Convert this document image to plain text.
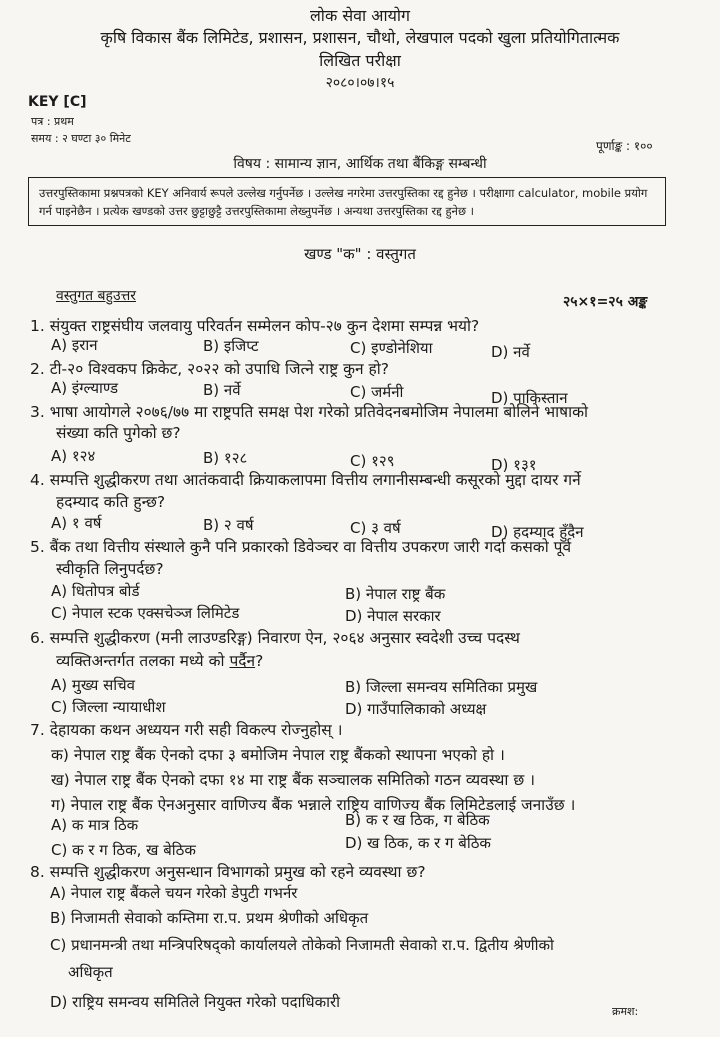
लोक सेवा आयोग
कृषि विकास बैंक लिमिटेड, प्रशासन, प्रशासन, चौथो, लेखपाल पदको खुला प्रतियोगितात्मक
लिखित परीक्षा
२०८०।०७।१५
KEY [C]
पत्र : प्रथम
समय : २ घण्टा ३० मिनेट
पूर्णाङ्क : १००
विषय : सामान्य ज्ञान, आर्थिक तथा बैंकिङ्ग सम्बन्धी
उत्तरपुस्तिकामा प्रश्नपत्रको KEY अनिवार्य रूपले उल्लेख गर्नुपर्नेछ । उल्लेख नगरेमा उत्तरपुस्तिका रद्द हुनेछ । परीक्षागा calculator, mobile प्रयोग गर्न पाइनेछैन । प्रत्येक खण्डको उत्तर छुट्टाछुट्टै उत्तरपुस्तिकामा लेख्नुपर्नेछ । अन्यथा उत्तरपुस्तिका रद्द हुनेछ ।
खण्ड "क" : वस्तुगत
वस्तुगत बहुउत्तर	२५×१=२५ अङ्क
1. संयुक्त राष्ट्रसंघीय जलवायु परिवर्तन सम्मेलन कोप-२७ कुन देशमा सम्पन्न भयो?
A) इरान	B) इजिप्ट	C) इण्डोनेशिया	D) नर्वे
2. टी-२० विश्वकप क्रिकेट, २०२२ को उपाधि जित्ने राष्ट्र कुन हो?
A) इंग्ल्याण्ड	B) नर्वे	C) जर्मनी	D) पाकिस्तान
3. भाषा आयोगले २०७६/७७ मा राष्ट्रपति समक्ष पेश गरेको प्रतिवेदनबमोजिम नेपालमा बोलिने भाषाको
संख्या कति पुगेको छ?
A) १२४	B) १२८	C) १२९	D) १३१
4. सम्पत्ति शुद्धीकरण तथा आतंकवादी क्रियाकलापमा वित्तीय लगानीसम्बन्धी कसूरको मुद्दा दायर गर्ने
हदम्याद कति हुन्छ?
A) १ वर्ष	B) २ वर्ष	C) ३ वर्ष	D) हदम्याद हुँदैन
5. बैंक तथा वित्तीय संस्थाले कुनै पनि प्रकारको डिवेञ्चर वा वित्तीय उपकरण जारी गर्दा कसको पूर्व
स्वीकृति लिनुपर्दछ?
A) धितोपत्र बोर्ड	B) नेपाल राष्ट्र बैंक
C) नेपाल स्टक एक्सचेञ्ज लिमिटेड	D) नेपाल सरकार
6. सम्पत्ति शुद्धीकरण (मनी लाउण्डरिङ्ग) निवारण ऐन, २०६४ अनुसार स्वदेशी उच्च पदस्थ
व्यक्तिअन्तर्गत तलका मध्ये को पर्दैन?
A) मुख्य सचिव	B) जिल्ला समन्वय समितिका प्रमुख
C) जिल्ला न्यायाधीश	D) गाउँपालिकाको अध्यक्ष
7. देहायका कथन अध्ययन गरी सही विकल्प रोज्नुहोस् ।
क) नेपाल राष्ट्र बैंक ऐनको दफा ३ बमोजिम नेपाल राष्ट्र बैंकको स्थापना भएको हो ।
ख) नेपाल राष्ट्र बैंक ऐनको दफा १४ मा राष्ट्र बैंक सञ्चालक समितिको गठन व्यवस्था छ ।
ग) नेपाल राष्ट्र बैंक ऐनअनुसार वाणिज्य बैंक भन्नाले राष्ट्रिय वाणिज्य बैंक लिमिटेडलाई जनाउँछ ।
A) क मात्र ठिक	B) क र ख ठिक, ग बेठिक
C) क र ग ठिक, ख बेठिक	D) ख ठिक, क र ग बेठिक
8. सम्पत्ति शुद्धीकरण अनुसन्धान विभागको प्रमुख को रहने व्यवस्था छ?
A) नेपाल राष्ट्र बैंकले चयन गरेको डेपुटी गभर्नर
B) निजामती सेवाको कम्तिमा रा.प. प्रथम श्रेणीको अधिकृत
C) प्रधानमन्त्री तथा मन्त्रिपरिषद्को कार्यालयले तोकेको निजामती सेवाको रा.प. द्वितीय श्रेणीको
अधिकृत
D) राष्ट्रिय समन्वय समितिले नियुक्त गरेको पदाधिकारी
क्रमश:
